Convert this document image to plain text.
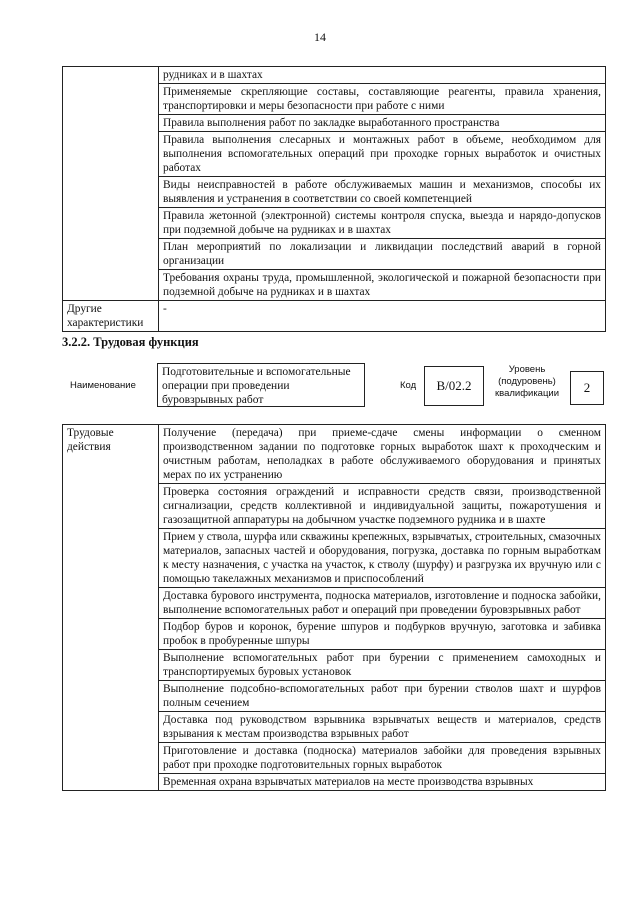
14
	рудниках и в шахтах
	Применяемые скрепляющие составы, составляющие реагенты, правила хранения, транспортировки и меры безопасности при работе с ними
	Правила выполнения работ по закладке выработанного пространства
	Правила выполнения слесарных и монтажных работ в объеме, необходимом для выполнения вспомогательных операций при проходке горных выработок и очистных работах
	Виды неисправностей в работе обслуживаемых машин и механизмов, способы их выявления и устранения в соответствии со своей компетенцией
	Правила жетонной (электронной) системы контроля спуска, выезда и нарядо-допусков при подземной добыче на рудниках и в шахтах
	План мероприятий по локализации и ликвидации последствий аварий в горной организации
	Требования охраны труда, промышленной, экологической и пожарной безопасности при подземной добыче на рудниках и в шахтах
Другие характеристики	-
3.2.2. Трудовая функция
Наименование
Подготовительные и вспомогательные операции при проведении буровзрывных работ
Код	В/02.2
Уровень (подуровень) квалификации	2
Трудовые действия	Получение (передача) при приеме-сдаче смены информации о сменном производственном задании по подготовке горных выработок шахт к проходческим и очистным работам, неполадках в работе обслуживаемого оборудования и принятых мерах по их устранению
Проверка состояния ограждений и исправности средств связи, производственной сигнализации, средств коллективной и индивидуальной защиты, пожаротушения и газозащитной аппаратуры на добычном участке подземного рудника и в шахте
Прием у ствола, шурфа или скважины крепежных, взрывчатых, строительных, смазочных материалов, запасных частей и оборудования, погрузка, доставка по горным выработкам к месту назначения, с участка на участок, к стволу (шурфу) и разгрузка их вручную или с помощью такелажных механизмов и приспособлений
Доставка бурового инструмента, подноска материалов, изготовление и подноска забойки, выполнение вспомогательных работ и операций при проведении буровзрывных работ
Подбор буров и коронок, бурение шпуров и подбурков вручную, заготовка и забивка пробок в пробуренные шпуры
Выполнение вспомогательных работ при бурении с применением самоходных и транспортируемых буровых установок
Выполнение подсобно-вспомогательных работ при бурении стволов шахт и шурфов полным сечением
Доставка под руководством взрывника взрывчатых веществ и материалов, средств взрывания к местам производства взрывных работ
Приготовление и доставка (подноска) материалов забойки для проведения взрывных работ при проходке подготовительных горных выработок
Временная охрана взрывчатых материалов на месте производства взрывных
